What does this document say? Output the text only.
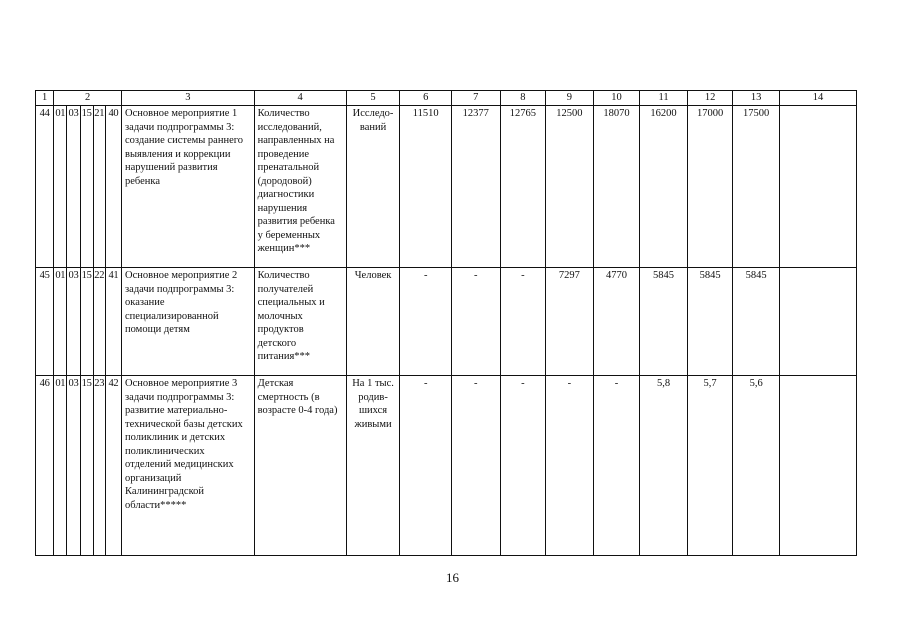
1	2					3	4	5	6	7	8	9	10	11	12	13	14
44	01	03	15	21	40	Основное мероприятие 1 задачи подпрограммы 3: создание системы раннего выявления и коррекции нарушений развития ребенка	Количество исследований, направленных на проведение пренатальной (дородовой) диагностики нарушения развития ребенка у беременных женщин***	Исследо-ваний	11510	12377	12765	12500	18070	16200	17000	17500	
45	01	03	15	22	41	Основное мероприятие 2 задачи подпрограммы 3: оказание специализированной помощи детям	Количество получателей специальных и молочных продуктов детского питания***	Человек	-	-	-	7297	4770	5845	5845	5845	
46	01	03	15	23	42	Основное мероприятие 3 задачи подпрограммы 3: развитие материально-технической базы детских поликлиник и детских поликлинических отделений медицинских организаций Калининградской области*****	Детская смертность (в возрасте 0-4 года)	На 1 тыс. родив-шихся живыми	-	-	-	-	-	5,8	5,7	5,6	
16
